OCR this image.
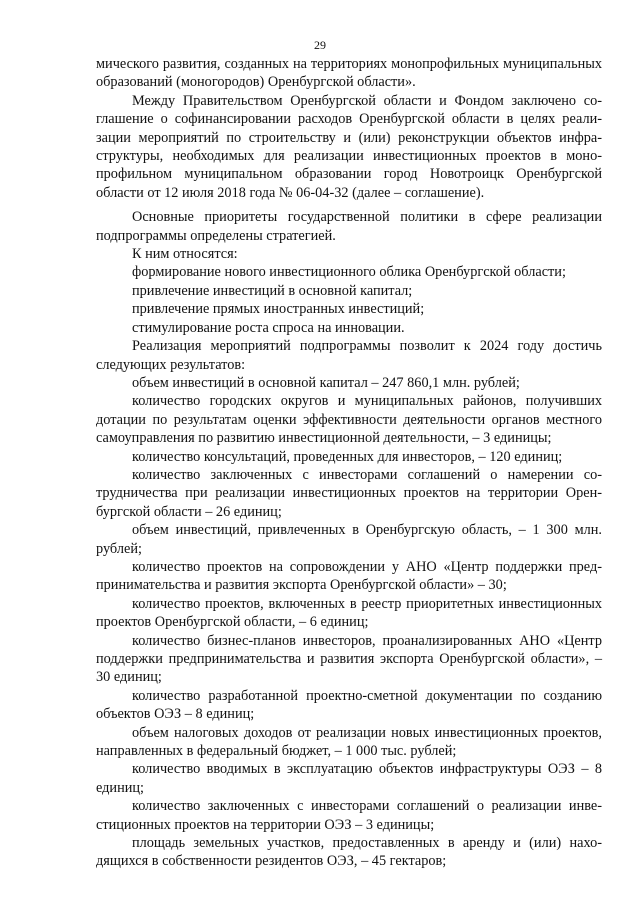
29

мического развития, созданных на территориях монопрофильных муниципальных образований (моногородов) Оренбургской области».

Между Правительством Оренбургской области и Фондом заключено соглашение о софинансировании расходов Оренбургской области в целях реализации мероприятий по строительству и (или) реконструкции объектов инфраструктуры, необходимых для реализации инвестиционных проектов в монопрофильном муниципальном образовании город Новотроицк Оренбургской области от 12 июля 2018 года № 06-04-32 (далее – соглашение).

Основные приоритеты государственной политики в сфере реализации подпрограммы определены стратегией.

К ним относятся:

формирование нового инвестиционного облика Оренбургской области;

привлечение инвестиций в основной капитал;

привлечение прямых иностранных инвестиций;

стимулирование роста спроса на инновации.

Реализация мероприятий подпрограммы позволит к 2024 году достичь следующих результатов:

объем инвестиций в основной капитал – 247 860,1 млн. рублей;

количество городских округов и муниципальных районов, получивших дотации по результатам оценки эффективности деятельности органов местного самоуправления по развитию инвестиционной деятельности, – 3 единицы;

количество консультаций, проведенных для инвесторов, – 120 единиц;

количество заключенных с инвесторами соглашений о намерении сотрудничества при реализации инвестиционных проектов на территории Оренбургской области – 26 единиц;

объем инвестиций, привлеченных в Оренбургскую область, – 1 300 млн. рублей;

количество проектов на сопровождении у АНО «Центр поддержки предпринимательства и развития экспорта Оренбургской области» – 30;

количество проектов, включенных в реестр приоритетных инвестиционных проектов Оренбургской области, – 6 единиц;

количество бизнес-планов инвесторов, проанализированных АНО «Центр поддержки предпринимательства и развития экспорта Оренбургской области», – 30 единиц;

количество разработанной проектно-сметной документации по созданию объектов ОЭЗ – 8 единиц;

объем налоговых доходов от реализации новых инвестиционных проектов, направленных в федеральный бюджет, – 1 000 тыс. рублей;

количество вводимых в эксплуатацию объектов инфраструктуры ОЭЗ – 8 единиц;

количество заключенных с инвесторами соглашений о реализации инвестиционных проектов на территории ОЭЗ – 3 единицы;

площадь земельных участков, предоставленных в аренду и (или) находящихся в собственности резидентов ОЭЗ, – 45 гектаров;
